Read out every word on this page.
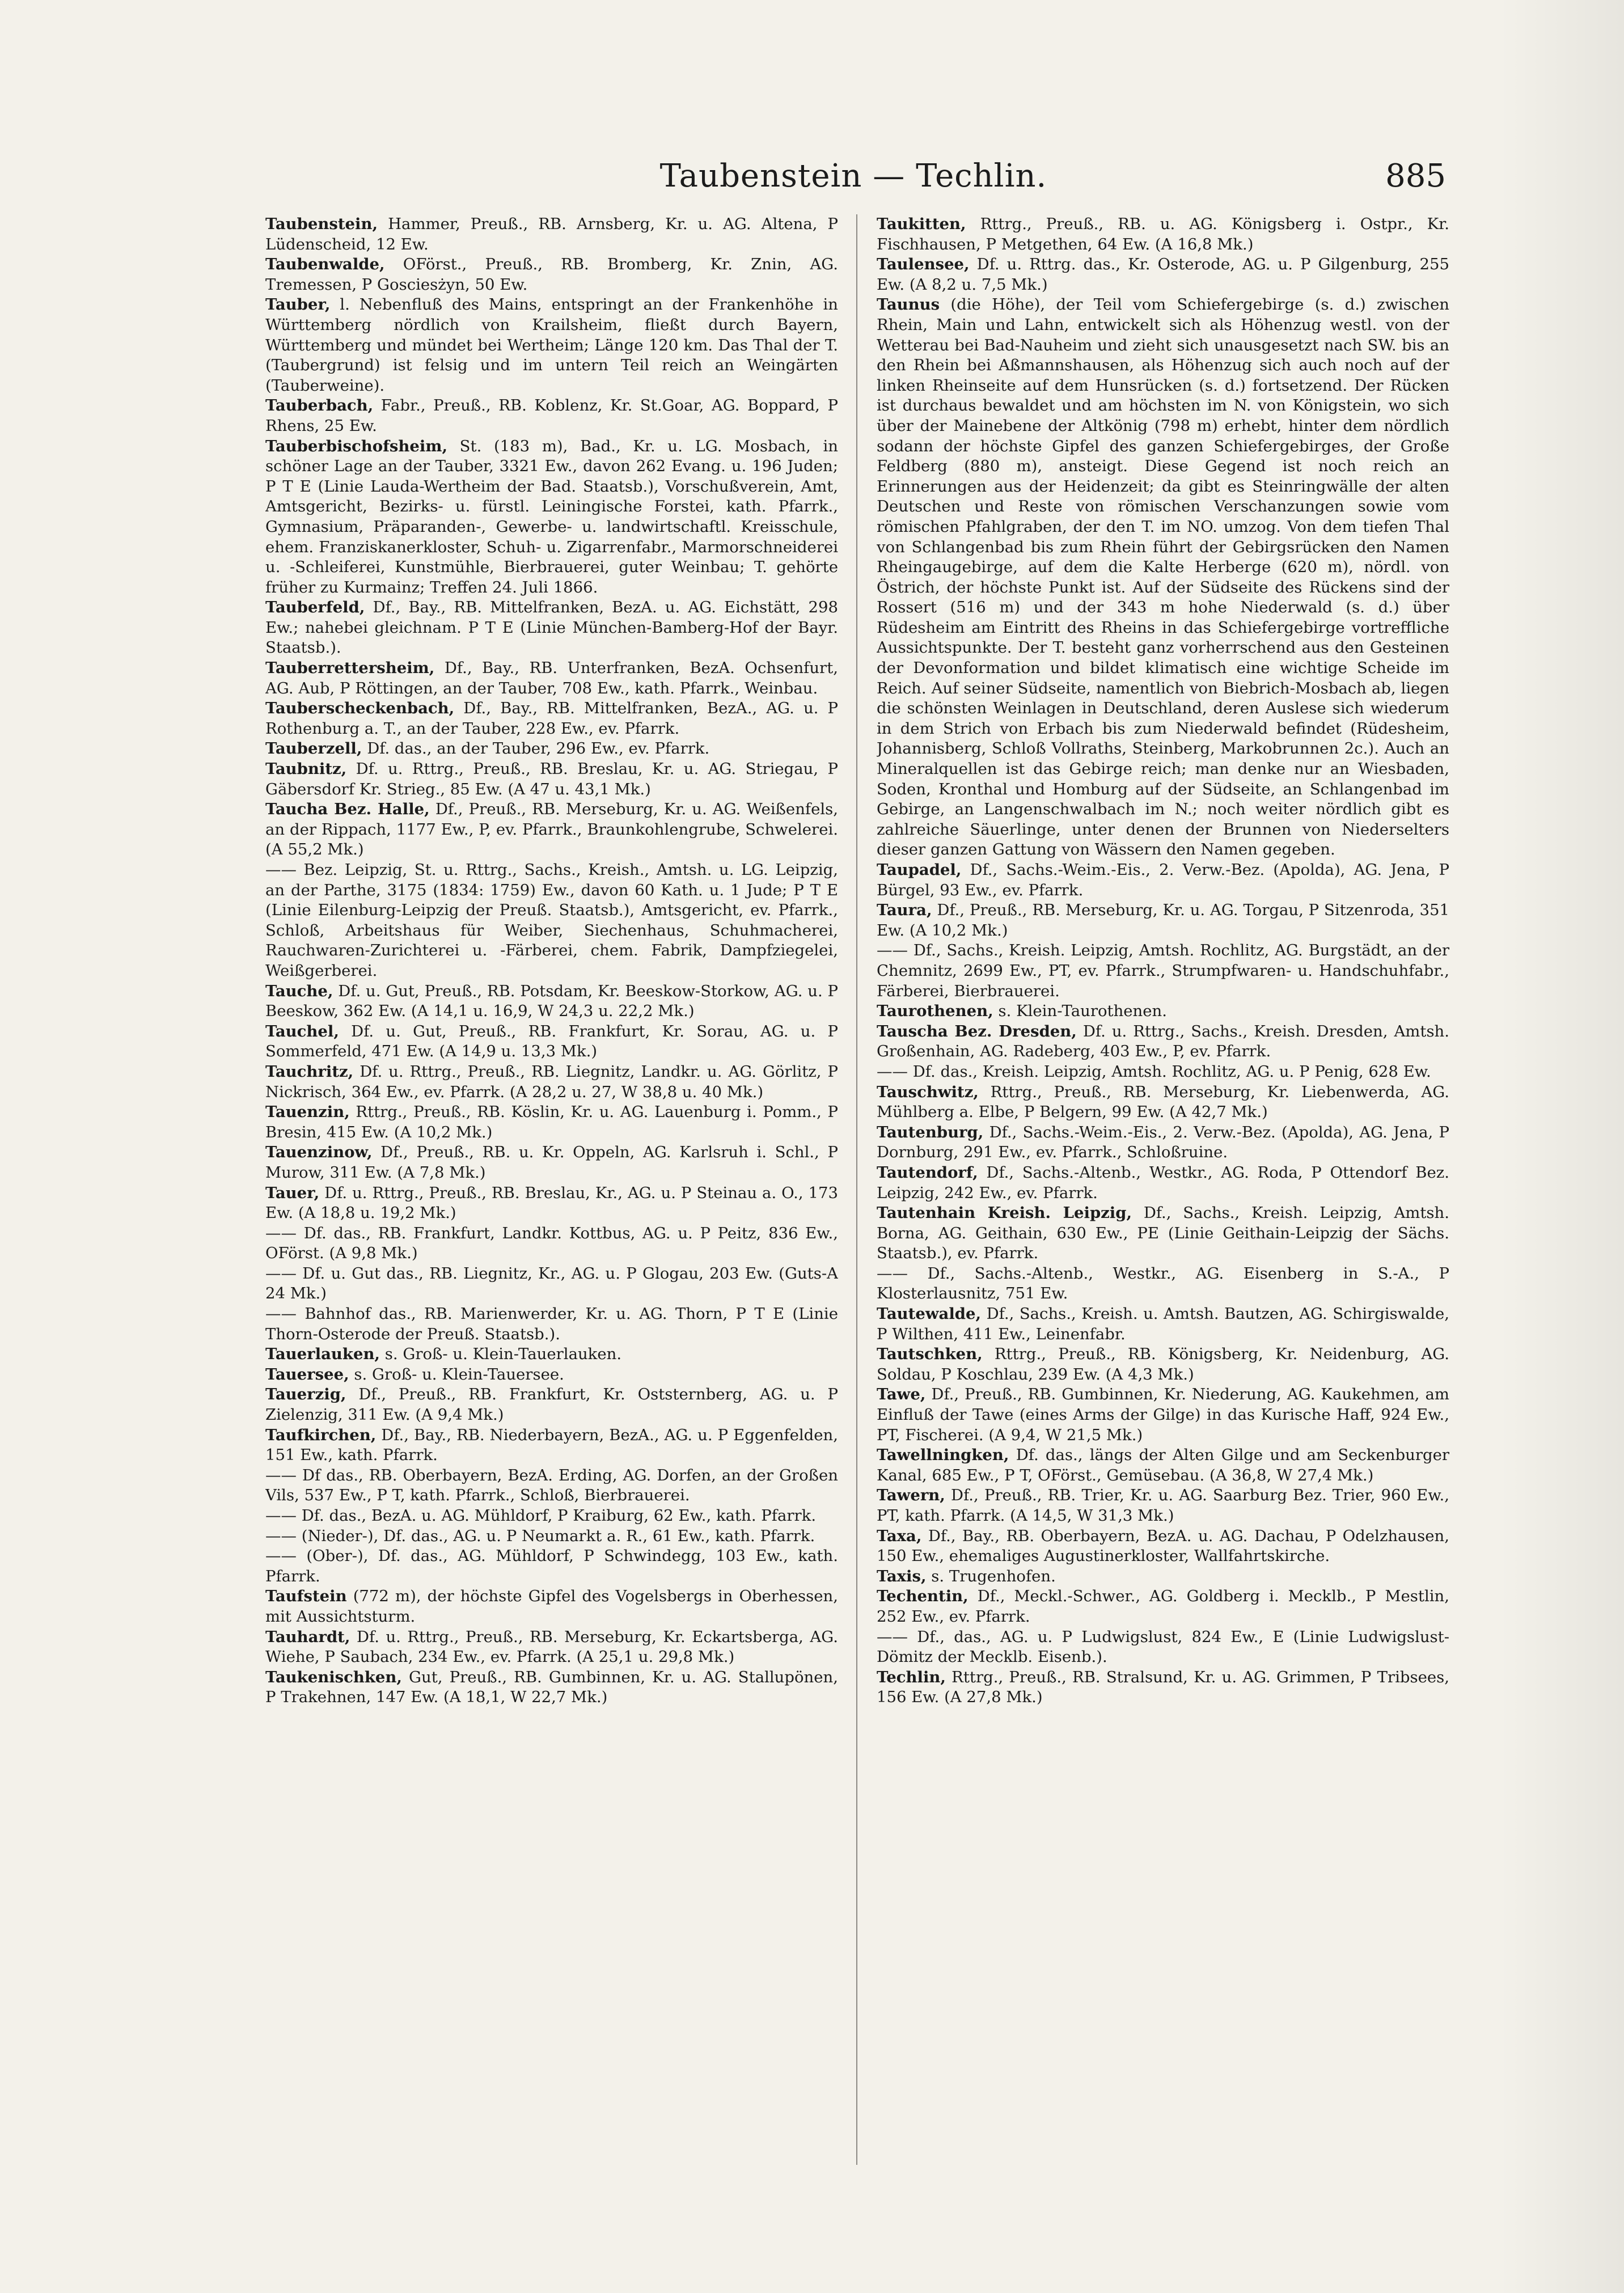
Taubenstein — Techlin.	885

Taubenstein, Hammer, Preuß., RB. Arnsberg, Kr. u. AG. Altena, P Lüdenscheid, 12 Ew.

Taubenwalde, OFörst., Preuß., RB. Bromberg, Kr. Znin, AG. Tremessen, P Gosciesżyn, 50 Ew.

Tauber, l. Nebenfluß des Mains, entspringt an der Frankenhöhe in Württemberg nördlich von Krailsheim, fließt durch Bayern, Württemberg und mündet bei Wertheim; Länge 120 km. Das Thal der T. (Taubergrund) ist felsig und im untern Teil reich an Weingärten (Tauberweine).

Tauberbach, Fabr., Preuß., RB. Koblenz, Kr. St.Goar, AG. Boppard, P Rhens, 25 Ew.

Tauberbischofsheim, St. (183 m), Bad., Kr. u. LG. Mosbach, in schöner Lage an der Tauber, 3321 Ew., davon 262 Evang. u. 196 Juden; P T E (Linie Lauda-Wertheim der Bad. Staatsb.), Vorschußverein, Amt, Amtsgericht, Bezirks- u. fürstl. Leiningische Forstei, kath. Pfarrk., Gymnasium, Präparanden-, Gewerbe- u. landwirtschaftl. Kreisschule, ehem. Franziskanerkloster, Schuh- u. Zigarrenfabr., Marmorschneiderei u. -Schleiferei, Kunstmühle, Bierbrauerei, guter Weinbau; T. gehörte früher zu Kurmainz; Treffen 24. Juli 1866.

Tauberfeld, Df., Bay., RB. Mittelfranken, BezA. u. AG. Eichstätt, 298 Ew.; nahebei gleichnam. P T E (Linie München-Bamberg-Hof der Bayr. Staatsb.).

Tauberrettersheim, Df., Bay., RB. Unterfranken, BezA. Ochsenfurt, AG. Aub, P Röttingen, an der Tauber, 708 Ew., kath. Pfarrk., Weinbau.

Tauberscheckenbach, Df., Bay., RB. Mittelfranken, BezA., AG. u. P Rothenburg a. T., an der Tauber, 228 Ew., ev. Pfarrk.

Tauberzell, Df. das., an der Tauber, 296 Ew., ev. Pfarrk.

Taubnitz, Df. u. Rttrg., Preuß., RB. Breslau, Kr. u. AG. Striegau, P Gäbersdorf Kr. Strieg., 85 Ew. (A 47 u. 43,1 Mk.)

Taucha Bez. Halle, Df., Preuß., RB. Merseburg, Kr. u. AG. Weißenfels, an der Rippach, 1177 Ew., P, ev. Pfarrk., Braunkohlengrube, Schwelerei. (A 55,2 Mk.)

—— Bez. Leipzig, St. u. Rttrg., Sachs., Kreish., Amtsh. u. LG. Leipzig, an der Parthe, 3175 (1834: 1759) Ew., davon 60 Kath. u. 1 Jude; P T E (Linie Eilenburg-Leipzig der Preuß. Staatsb.), Amtsgericht, ev. Pfarrk., Schloß, Arbeitshaus für Weiber, Siechenhaus, Schuhmacherei, Rauchwaren-Zurichterei u. -Färberei, chem. Fabrik, Dampfziegelei, Weißgerberei.

Tauche, Df. u. Gut, Preuß., RB. Potsdam, Kr. Beeskow-Storkow, AG. u. P Beeskow, 362 Ew. (A 14,1 u. 16,9, W 24,3 u. 22,2 Mk.)

Tauchel, Df. u. Gut, Preuß., RB. Frankfurt, Kr. Sorau, AG. u. P Sommerfeld, 471 Ew. (A 14,9 u. 13,3 Mk.)

Tauchritz, Df. u. Rttrg., Preuß., RB. Liegnitz, Landkr. u. AG. Görlitz, P Nickrisch, 364 Ew., ev. Pfarrk. (A 28,2 u. 27, W 38,8 u. 40 Mk.)

Tauenzin, Rttrg., Preuß., RB. Köslin, Kr. u. AG. Lauenburg i. Pomm., P Bresin, 415 Ew. (A 10,2 Mk.)

Tauenzinow, Df., Preuß., RB. u. Kr. Oppeln, AG. Karlsruh i. Schl., P Murow, 311 Ew. (A 7,8 Mk.)

Tauer, Df. u. Rttrg., Preuß., RB. Breslau, Kr., AG. u. P Steinau a. O., 173 Ew. (A 18,8 u. 19,2 Mk.)

—— Df. das., RB. Frankfurt, Landkr. Kottbus, AG. u. P Peitz, 836 Ew., OFörst. (A 9,8 Mk.)

—— Df. u. Gut das., RB. Liegnitz, Kr., AG. u. P Glogau, 203 Ew. (Guts-A 24 Mk.)

—— Bahnhof das., RB. Marienwerder, Kr. u. AG. Thorn, P T E (Linie Thorn-Osterode der Preuß. Staatsb.).

Tauerlauken, s. Groß- u. Klein-Tauerlauken.

Tauersee, s. Groß- u. Klein-Tauersee.

Tauerzig, Df., Preuß., RB. Frankfurt, Kr. Oststernberg, AG. u. P Zielenzig, 311 Ew. (A 9,4 Mk.)

Taufkirchen, Df., Bay., RB. Niederbayern, BezA., AG. u. P Eggenfelden, 151 Ew., kath. Pfarrk.

—— Df das., RB. Oberbayern, BezA. Erding, AG. Dorfen, an der Großen Vils, 537 Ew., P T, kath. Pfarrk., Schloß, Bierbrauerei.

—— Df. das., BezA. u. AG. Mühldorf, P Kraiburg, 62 Ew., kath. Pfarrk.

—— (Nieder-), Df. das., AG. u. P Neumarkt a. R., 61 Ew., kath. Pfarrk.

—— (Ober-), Df. das., AG. Mühldorf, P Schwindegg, 103 Ew., kath. Pfarrk.

Taufstein (772 m), der höchste Gipfel des Vogelsbergs in Oberhessen, mit Aussichtsturm.

Tauhardt, Df. u. Rttrg., Preuß., RB. Merseburg, Kr. Eckartsberga, AG. Wiehe, P Saubach, 234 Ew., ev. Pfarrk. (A 25,1 u. 29,8 Mk.)

Taukenischken, Gut, Preuß., RB. Gumbinnen, Kr. u. AG. Stallupönen, P Trakehnen, 147 Ew. (A 18,1, W 22,7 Mk.)

Taukitten, Rttrg., Preuß., RB. u. AG. Königsberg i. Ostpr., Kr. Fischhausen, P Metgethen, 64 Ew. (A 16,8 Mk.)

Taulensee, Df. u. Rttrg. das., Kr. Osterode, AG. u. P Gilgenburg, 255 Ew. (A 8,2 u. 7,5 Mk.)

Taunus (die Höhe), der Teil vom Schiefergebirge (s. d.) zwischen Rhein, Main und Lahn, entwickelt sich als Höhenzug westl. von der Wetterau bei Bad-Nauheim und zieht sich unausgesetzt nach SW. bis an den Rhein bei Aßmannshausen, als Höhenzug sich auch noch auf der linken Rheinseite auf dem Hunsrücken (s. d.) fortsetzend. Der Rücken ist durchaus bewaldet und am höchsten im N. von Königstein, wo sich über der Mainebene der Altkönig (798 m) erhebt, hinter dem nördlich sodann der höchste Gipfel des ganzen Schiefergebirges, der Große Feldberg (880 m), ansteigt. Diese Gegend ist noch reich an Erinnerungen aus der Heidenzeit; da gibt es Steinringwälle der alten Deutschen und Reste von römischen Verschanzungen sowie vom römischen Pfahlgraben, der den T. im NO. umzog. Von dem tiefen Thal von Schlangenbad bis zum Rhein führt der Gebirgsrücken den Namen Rheingaugebirge, auf dem die Kalte Herberge (620 m), nördl. von Östrich, der höchste Punkt ist. Auf der Südseite des Rückens sind der Rossert (516 m) und der 343 m hohe Niederwald (s. d.) über Rüdesheim am Eintritt des Rheins in das Schiefergebirge vortreffliche Aussichtspunkte. Der T. besteht ganz vorherrschend aus den Gesteinen der Devonformation und bildet klimatisch eine wichtige Scheide im Reich. Auf seiner Südseite, namentlich von Biebrich-Mosbach ab, liegen die schönsten Weinlagen in Deutschland, deren Auslese sich wiederum in dem Strich von Erbach bis zum Niederwald befindet (Rüdesheim, Johannisberg, Schloß Vollraths, Steinberg, Markobrunnen 2c.). Auch an Mineralquellen ist das Gebirge reich; man denke nur an Wiesbaden, Soden, Kronthal und Homburg auf der Südseite, an Schlangenbad im Gebirge, an Langenschwalbach im N.; noch weiter nördlich gibt es zahlreiche Säuerlinge, unter denen der Brunnen von Niederselters dieser ganzen Gattung von Wässern den Namen gegeben.

Taupadel, Df., Sachs.-Weim.-Eis., 2. Verw.-Bez. (Apolda), AG. Jena, P Bürgel, 93 Ew., ev. Pfarrk.

Taura, Df., Preuß., RB. Merseburg, Kr. u. AG. Torgau, P Sitzenroda, 351 Ew. (A 10,2 Mk.)

—— Df., Sachs., Kreish. Leipzig, Amtsh. Rochlitz, AG. Burgstädt, an der Chemnitz, 2699 Ew., PT, ev. Pfarrk., Strumpfwaren- u. Handschuhfabr., Färberei, Bierbrauerei.

Taurothenen, s. Klein-Taurothenen.

Tauscha Bez. Dresden, Df. u. Rttrg., Sachs., Kreish. Dresden, Amtsh. Großenhain, AG. Radeberg, 403 Ew., P, ev. Pfarrk.

—— Df. das., Kreish. Leipzig, Amtsh. Rochlitz, AG. u. P Penig, 628 Ew.

Tauschwitz, Rttrg., Preuß., RB. Merseburg, Kr. Liebenwerda, AG. Mühlberg a. Elbe, P Belgern, 99 Ew. (A 42,7 Mk.)

Tautenburg, Df., Sachs.-Weim.-Eis., 2. Verw.-Bez. (Apolda), AG. Jena, P Dornburg, 291 Ew., ev. Pfarrk., Schloßruine.

Tautendorf, Df., Sachs.-Altenb., Westkr., AG. Roda, P Ottendorf Bez. Leipzig, 242 Ew., ev. Pfarrk.

Tautenhain Kreish. Leipzig, Df., Sachs., Kreish. Leipzig, Amtsh. Borna, AG. Geithain, 630 Ew., PE (Linie Geithain-Leipzig der Sächs. Staatsb.), ev. Pfarrk.

—— Df., Sachs.-Altenb., Westkr., AG. Eisenberg in S.-A., P Klosterlausnitz, 751 Ew.

Tautewalde, Df., Sachs., Kreish. u. Amtsh. Bautzen, AG. Schirgiswalde, P Wilthen, 411 Ew., Leinenfabr.

Tautschken, Rttrg., Preuß., RB. Königsberg, Kr. Neidenburg, AG. Soldau, P Koschlau, 239 Ew. (A 4,3 Mk.)

Tawe, Df., Preuß., RB. Gumbinnen, Kr. Niederung, AG. Kaukehmen, am Einfluß der Tawe (eines Arms der Gilge) in das Kurische Haff, 924 Ew., PT, Fischerei. (A 9,4, W 21,5 Mk.)

Tawellningken, Df. das., längs der Alten Gilge und am Seckenburger Kanal, 685 Ew., P T, OFörst., Gemüsebau. (A 36,8, W 27,4 Mk.)

Tawern, Df., Preuß., RB. Trier, Kr. u. AG. Saarburg Bez. Trier, 960 Ew., PT, kath. Pfarrk. (A 14,5, W 31,3 Mk.)

Taxa, Df., Bay., RB. Oberbayern, BezA. u. AG. Dachau, P Odelzhausen, 150 Ew., ehemaliges Augustinerkloster, Wallfahrtskirche.

Taxis, s. Trugenhofen.

Techentin, Df., Meckl.-Schwer., AG. Goldberg i. Mecklb., P Mestlin, 252 Ew., ev. Pfarrk.

—— Df., das., AG. u. P Ludwigslust, 824 Ew., E (Linie Ludwigslust-Dömitz der Mecklb. Eisenb.).

Techlin, Rttrg., Preuß., RB. Stralsund, Kr. u. AG. Grimmen, P Tribsees, 156 Ew. (A 27,8 Mk.)
